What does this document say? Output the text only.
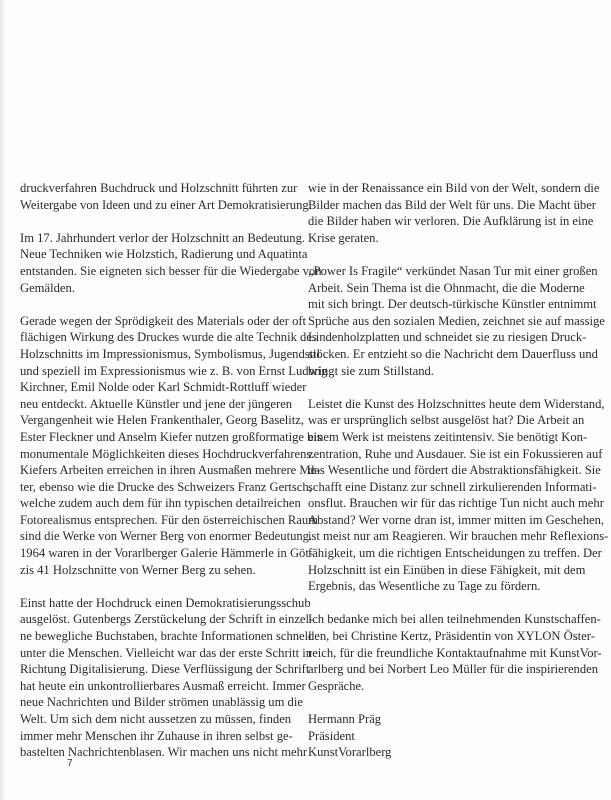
druckverfahren Buchdruck und Holzschnitt führten zur
Weitergabe von Ideen und zu einer Art Demokratisierung.

Im 17. Jahrhundert verlor der Holzschnitt an Bedeutung.
Neue Techniken wie Holzstich, Radierung und Aquatinta
entstanden. Sie eigneten sich besser für die Wiedergabe von
Gemälden.

Gerade wegen der Sprödigkeit des Materials oder der oft
flächigen Wirkung des Druckes wurde die alte Technik des
Holzschnitts im Impressionismus, Symbolismus, Jugendstil
und speziell im Expressionismus wie z. B. von Ernst Ludwig
Kirchner, Emil Nolde oder Karl Schmidt-Rottluff wieder
neu entdeckt. Aktuelle Künstler und jene der jüngeren
Vergangenheit wie Helen Frankenthaler, Georg Baselitz,
Ester Fleckner und Anselm Kiefer nutzen großformatige bis
monumentale Möglichkeiten dieses Hochdruckverfahrens.
Kiefers Arbeiten erreichen in ihren Ausmaßen mehrere Me-
ter, ebenso wie die Drucke des Schweizers Franz Gertsch,
welche zudem auch dem für ihn typischen detailreichen
Fotorealismus entsprechen. Für den österreichischen Raum
sind die Werke von Werner Berg von enormer Bedeutung.
1964 waren in der Vorarlberger Galerie Hämmerle in Göt-
zis 41 Holzschnitte von Werner Berg zu sehen.

Einst hatte der Hochdruck einen Demokratisierungsschub
ausgelöst. Gutenbergs Zerstückelung der Schrift in einzel-
ne bewegliche Buchstaben, brachte Informationen schnell
unter die Menschen. Vielleicht war das der erste Schritt in
Richtung Digitalisierung. Diese Verflüssigung der Schrift
hat heute ein unkontrollierbares Ausmaß erreicht. Immer
neue Nachrichten und Bilder strömen unablässig um die
Welt. Um sich dem nicht aussetzen zu müssen, finden
immer mehr Menschen ihr Zuhause in ihren selbst ge-
bastelten Nachrichtenblasen. Wir machen uns nicht mehr

wie in der Renaissance ein Bild von der Welt, sondern die
Bilder machen das Bild der Welt für uns. Die Macht über
die Bilder haben wir verloren. Die Aufklärung ist in eine
Krise geraten.

„Power Is Fragile“ verkündet Nasan Tur mit einer großen
Arbeit. Sein Thema ist die Ohnmacht, die die Moderne
mit sich bringt. Der deutsch-türkische Künstler entnimmt
Sprüche aus den sozialen Medien, zeichnet sie auf massige
Lindenholzplatten und schneidet sie zu riesigen Druck-
stöcken. Er entzieht so die Nachricht dem Dauerfluss und
bringt sie zum Stillstand.

Leistet die Kunst des Holzschnittes heute dem Widerstand,
was er ursprünglich selbst ausgelöst hat? Die Arbeit an
einem Werk ist meistens zeitintensiv. Sie benötigt Kon-
zentration, Ruhe und Ausdauer. Sie ist ein Fokussieren auf
das Wesentliche und fördert die Abstraktionsfähigkeit. Sie
schafft eine Distanz zur schnell zirkulierenden Informati-
onsflut. Brauchen wir für das richtige Tun nicht auch mehr
Abstand? Wer vorne dran ist, immer mitten im Geschehen,
ist meist nur am Reagieren. Wir brauchen mehr Reflexions-
fähigkeit, um die richtigen Entscheidungen zu treffen. Der
Holzschnitt ist ein Einüben in diese Fähigkeit, mit dem
Ergebnis, das Wesentliche zu Tage zu fördern.

Ich bedanke mich bei allen teilnehmenden Kunstschaffen-
den, bei Christine Kertz, Präsidentin von XYLON Öster-
reich, für die freundliche Kontaktaufnahme mit KunstVor-
arlberg und bei Norbert Leo Müller für die inspirierenden
Gespräche.

Hermann Präg
Präsident
KunstVorarlberg
7
